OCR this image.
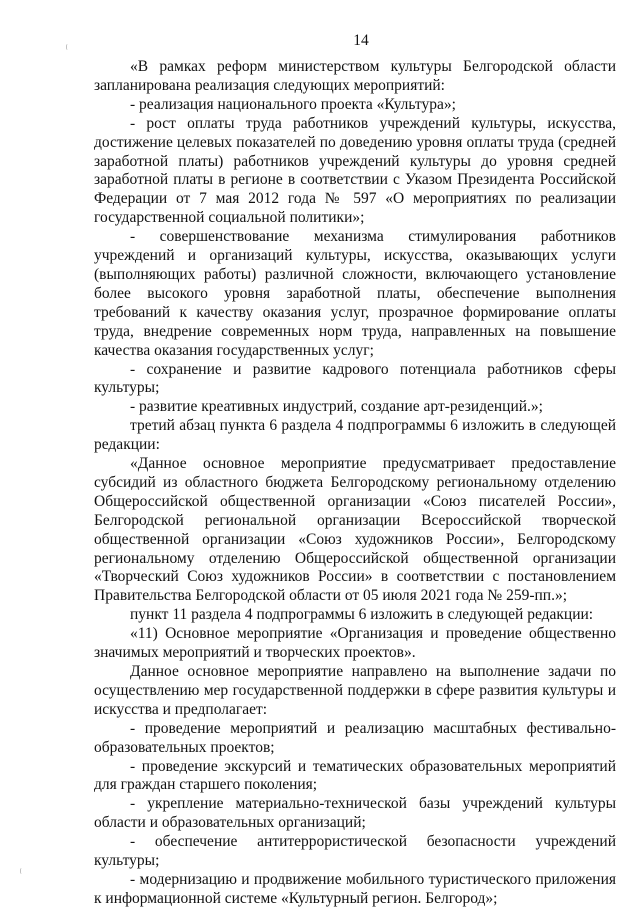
14

«В рамках реформ министерством культуры Белгородской области запланирована реализация следующих мероприятий:

- реализация национального проекта «Культура»;

- рост оплаты труда работников учреждений культуры, искусства, достижение целевых показателей по доведению уровня оплаты труда (средней заработной платы) работников учреждений культуры до уровня средней заработной платы в регионе в соответствии с Указом Президента Российской Федерации от 7 мая 2012 года № 597 «О мероприятиях по реализации государственной социальной политики»;

- совершенствование механизма стимулирования работников учреждений и организаций культуры, искусства, оказывающих услуги (выполняющих работы) различной сложности, включающего установление более высокого уровня заработной платы, обеспечение выполнения требований к качеству оказания услуг, прозрачное формирование оплаты труда, внедрение современных норм труда, направленных на повышение качества оказания государственных услуг;

- сохранение и развитие кадрового потенциала работников сферы культуры;

- развитие креативных индустрий, создание арт-резиденций.»;

третий абзац пункта 6 раздела 4 подпрограммы 6 изложить в следующей редакции:

«Данное основное мероприятие предусматривает предоставление субсидий из областного бюджета Белгородскому региональному отделению Общероссийской общественной организации «Союз писателей России», Белгородской региональной организации Всероссийской творческой общественной организации «Союз художников России», Белгородскому региональному отделению Общероссийской общественной организации «Творческий Союз художников России» в соответствии с постановлением Правительства Белгородской области от 05 июля 2021 года № 259-пп.»;

пункт 11 раздела 4 подпрограммы 6 изложить в следующей редакции:

«11) Основное мероприятие «Организация и проведение общественно значимых мероприятий и творческих проектов».

Данное основное мероприятие направлено на выполнение задачи по осуществлению мер государственной поддержки в сфере развития культуры и искусства и предполагает:

- проведение мероприятий и реализацию масштабных фестивально-образовательных проектов;

- проведение экскурсий и тематических образовательных мероприятий для граждан старшего поколения;

- укрепление материально-технической базы учреждений культуры области и образовательных организаций;

- обеспечение антитеррористической безопасности учреждений культуры;

- модернизацию и продвижение мобильного туристического приложения к информационной системе «Культурный регион. Белгород»;
